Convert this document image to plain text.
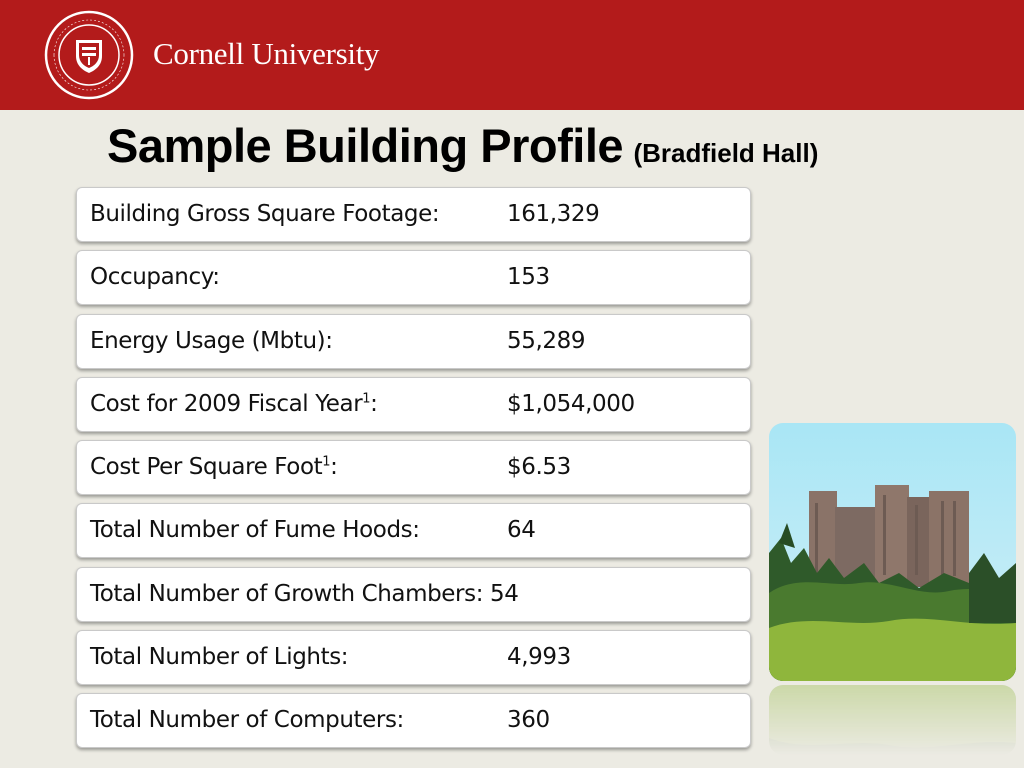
Cornell University
Sample Building Profile (Bradfield Hall)
Building Gross Square Footage:	161,329
Occupancy:	153
Energy Usage (Mbtu):	55,289
Cost for 2009 Fiscal Year$^1$:	$1,054,000
Cost Per Square Foot$^1$:	$6.53
Total Number of Fume Hoods:	64
Total Number of Growth Chambers: 54
Total Number of Lights:	4,993
Total Number of Computers:	360
